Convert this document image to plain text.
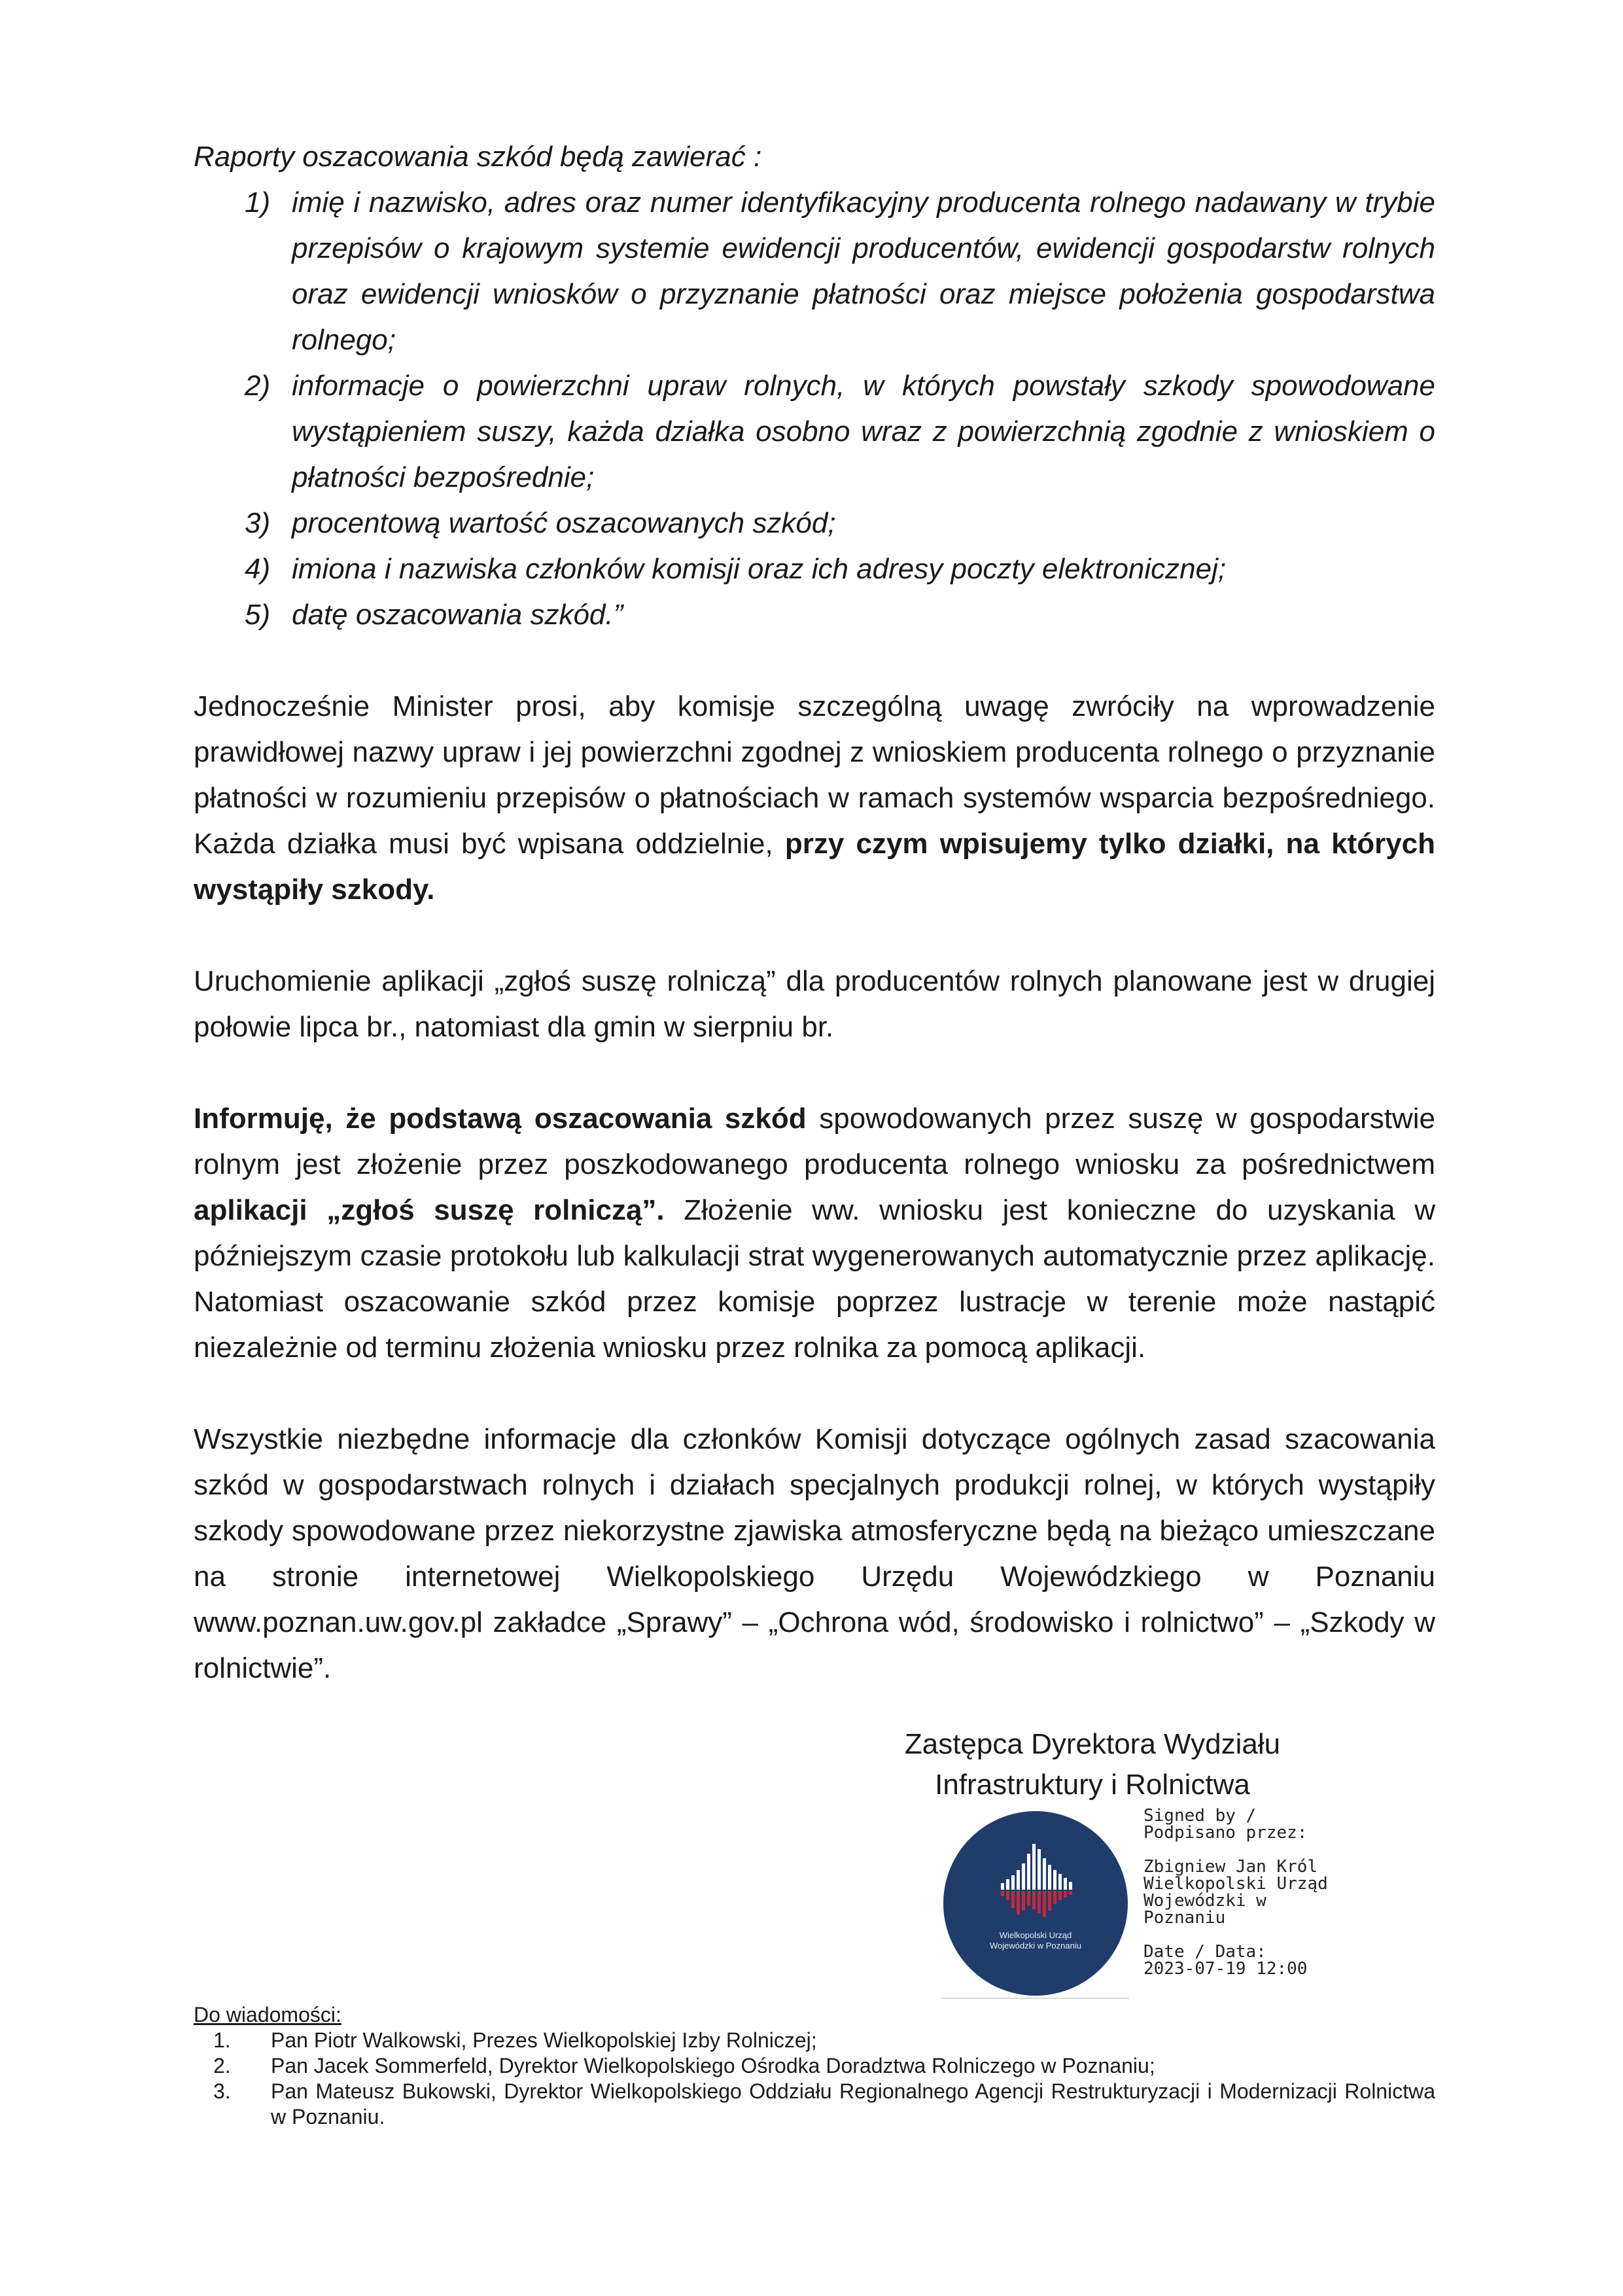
Raporty oszacowania szkód będą zawierać :

1) imię i nazwisko, adres oraz numer identyfikacyjny producenta rolnego nadawany w trybie przepisów o krajowym systemie ewidencji producentów, ewidencji gospodarstw rolnych oraz ewidencji wniosków o przyznanie płatności oraz miejsce położenia gospodarstwa rolnego;
2) informacje o powierzchni upraw rolnych, w których powstały szkody spowodowane wystąpieniem suszy, każda działka osobno wraz z powierzchnią zgodnie z wnioskiem o płatności bezpośrednie;
3) procentową wartość oszacowanych szkód;
4) imiona i nazwiska członków komisji oraz ich adresy poczty elektronicznej;
5) datę oszacowania szkód.”

Jednocześnie Minister prosi, aby komisje szczególną uwagę zwróciły na wprowadzenie prawidłowej nazwy upraw i jej powierzchni zgodnej z wnioskiem producenta rolnego o przyznanie płatności w rozumieniu przepisów o płatnościach w ramach systemów wsparcia bezpośredniego. Każda działka musi być wpisana oddzielnie, przy czym wpisujemy tylko działki, na których wystąpiły szkody.

Uruchomienie aplikacji „zgłoś suszę rolniczą” dla producentów rolnych planowane jest w drugiej połowie lipca br., natomiast dla gmin w sierpniu br.

Informuję, że podstawą oszacowania szkód spowodowanych przez suszę w gospodarstwie rolnym jest złożenie przez poszkodowanego producenta rolnego wniosku za pośrednictwem aplikacji „zgłoś suszę rolniczą”. Złożenie ww. wniosku jest konieczne do uzyskania w późniejszym czasie protokołu lub kalkulacji strat wygenerowanych automatycznie przez aplikację. Natomiast oszacowanie szkód przez komisje poprzez lustracje w terenie może nastąpić niezależnie od terminu złożenia wniosku przez rolnika za pomocą aplikacji.

Wszystkie niezbędne informacje dla członków Komisji dotyczące ogólnych zasad szacowania szkód w gospodarstwach rolnych i działach specjalnych produkcji rolnej, w których wystąpiły szkody spowodowane przez niekorzystne zjawiska atmosferyczne będą na bieżąco umieszczane na stronie internetowej Wielkopolskiego Urzędu Wojewódzkiego w Poznaniu www.poznan.uw.gov.pl zakładce „Sprawy” – „Ochrona wód, środowisko i rolnictwo” – „Szkody w rolnictwie”.

Zastępca Dyrektora Wydziału
Infrastruktury i Rolnictwa
Wielkopolski Urząd
Wojewódzki w Poznaniu
Signed by /
Podpisano przez:
Zbigniew Jan Król
Wielkopolski Urząd
Wojewódzki w
Poznaniu
Date / Data:
2023-07-19 12:00
Do wiadomości:
1. Pan Piotr Walkowski, Prezes Wielkopolskiej Izby Rolniczej;
2. Pan Jacek Sommerfeld, Dyrektor Wielkopolskiego Ośrodka Doradztwa Rolniczego w Poznaniu;
3. Pan Mateusz Bukowski, Dyrektor Wielkopolskiego Oddziału Regionalnego Agencji Restrukturyzacji i Modernizacji Rolnictwa w Poznaniu.
